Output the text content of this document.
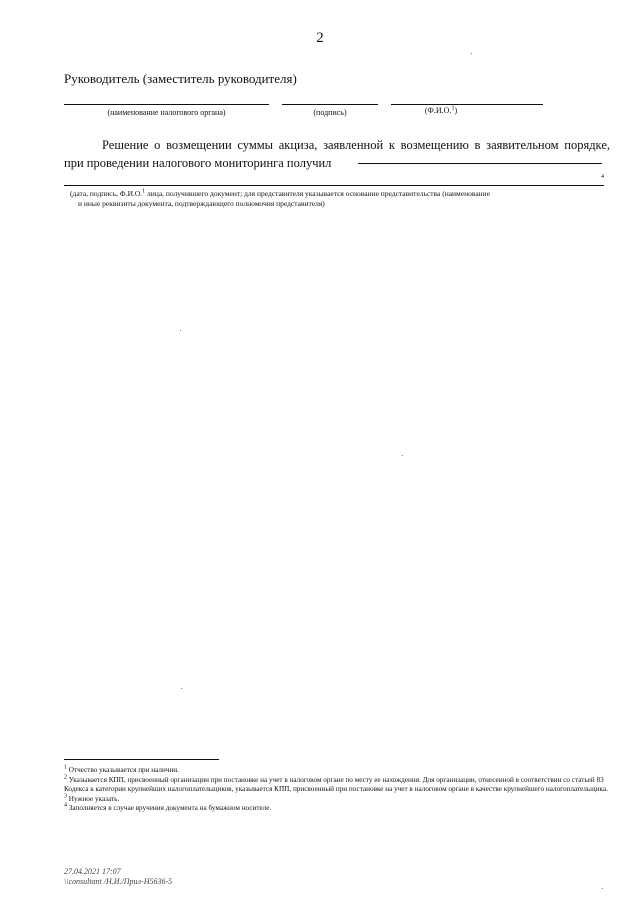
2
Руководитель (заместитель руководителя)
(наименование налогового органа)	(подпись)	(Ф.И.О.$^1$)
Решение о возмещении суммы акциза, заявленной к возмещению в заявительном порядке,
при проведении налогового мониторинга получил
4
(дата, подпись, Ф.И.О.$^1$ лица, получившего документ; для представителя указывается основание представительства (наименование
и иные реквизиты документа, подтверждающего полномочия представителя)
$^1$ Отчество указывается при наличии.
$^2$ Указывается КПП, присвоенный организации при постановке на учет в налоговом органе по месту ее нахождения. Для организации, отнесенной в соответствии со статьей 83 Кодекса к категории крупнейших налогоплательщиков, указывается КПП, присвоенный при постановке на учет в налоговом органе в качестве крупнейшего налогоплательщика.
$^3$ Нужное указать.
$^4$ Заполняется в случае вручения документа на бумажном носителе.
27.04.2021 17:07
\\consultant /Н.И./Прил-Н5636-5
